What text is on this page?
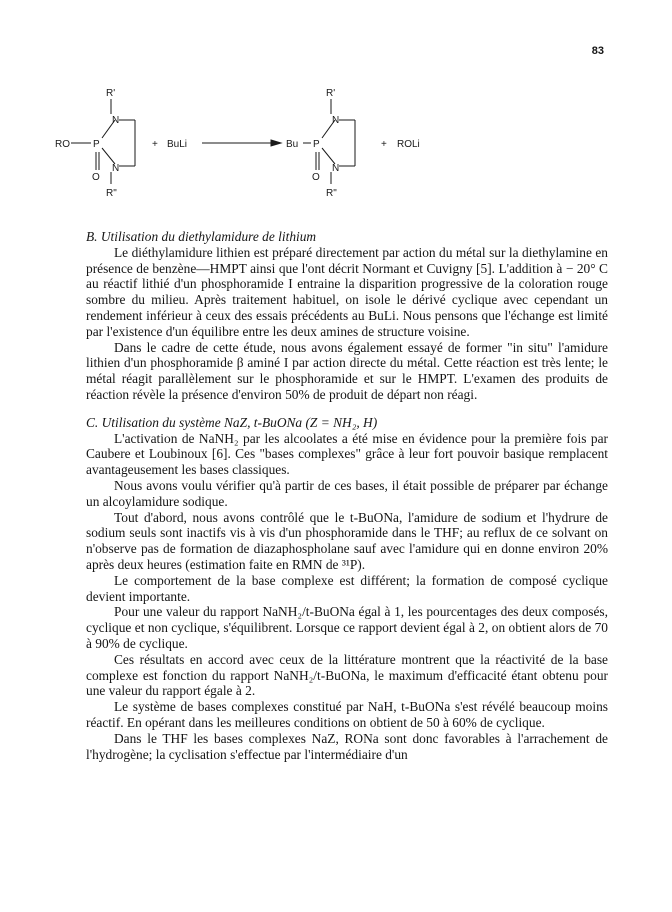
83
R'
N
RO P
N
O
R"
+ BuLi
R'
N
Bu P
N
O
R"
+ ROLi

B. Utilisation du diethylamidure de lithium

Le diéthylamidure lithien est préparé directement par action du métal sur la diethylamine en présence de benzène—HMPT ainsi que l'ont décrit Normant et Cuvigny [5]. L'addition à − 20° C au réactif lithié d'un phosphoramide I entraine la disparition progressive de la coloration rouge sombre du milieu. Après traitement habituel, on isole le dérivé cyclique avec cependant un rendement inférieur à ceux des essais précédents au BuLi. Nous pensons que l'échange est limité par l'existence d'un équilibre entre les deux amines de structure voisine.

Dans le cadre de cette étude, nous avons également essayé de former "in situ" l'amidure lithien d'un phosphoramide β aminé I par action directe du métal. Cette réaction est très lente; le métal réagit parallèlement sur le phosphoramide et sur le HMPT. L'examen des produits de réaction révèle la présence d'environ 50% de produit de départ non réagi.

C. Utilisation du système NaZ, t-BuONa (Z = NH₂, H)

L'activation de NaNH₂ par les alcoolates a été mise en évidence pour la première fois par Caubere et Loubinoux [6]. Ces "bases complexes" grâce à leur fort pouvoir basique remplacent avantageusement les bases classiques.

Nous avons voulu vérifier qu'à partir de ces bases, il était possible de préparer par échange un alcoylamidure sodique.

Tout d'abord, nous avons contrôlé que le t-BuONa, l'amidure de sodium et l'hydrure de sodium seuls sont inactifs vis à vis d'un phosphoramide dans le THF; au reflux de ce solvant on n'observe pas de formation de diazaphospholane sauf avec l'amidure qui en donne environ 20% après deux heures (estimation faite en RMN de ³¹P).

Le comportement de la base complexe est différent; la formation de composé cyclique devient importante.

Pour une valeur du rapport NaNH₂/t-BuONa égal à 1, les pourcentages des deux composés, cyclique et non cyclique, s'équilibrent. Lorsque ce rapport devient égal à 2, on obtient alors de 70 à 90% de cyclique.

Ces résultats en accord avec ceux de la littérature montrent que la réactivité de la base complexe est fonction du rapport NaNH₂/t-BuONa, le maximum d'efficacité étant obtenu pour une valeur du rapport égale à 2.

Le système de bases complexes constitué par NaH, t-BuONa s'est révélé beaucoup moins réactif. En opérant dans les meilleures conditions on obtient de 50 à 60% de cyclique.

Dans le THF les bases complexes NaZ, RONa sont donc favorables à l'arrachement de l'hydrogène; la cyclisation s'effectue par l'intermédiaire d'un
